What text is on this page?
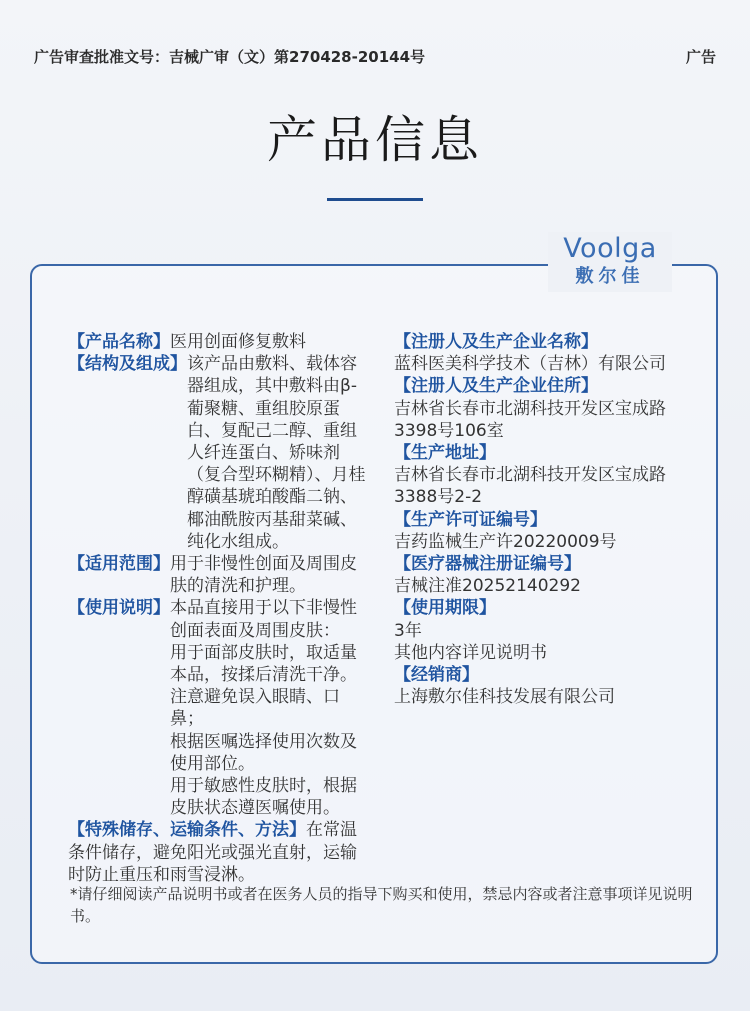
广告审查批准文号：吉械广审（文）第270428-20144号	广告
产品信息
Voolga
敷尔佳
【产品名称】 医用创面修复敷料
【结构及组成】 该产品由敷料、载体容器组成，其中敷料由β-葡聚糖、重组胶原蛋白、复配己二醇、重组人纤连蛋白、矫味剂（复合型环糊精）、月桂醇磺基琥珀酸酯二钠、椰油酰胺丙基甜菜碱、纯化水组成。
【适用范围】 用于非慢性创面及周围皮肤的清洗和护理。
【使用说明】 本品直接用于以下非慢性创面表面及周围皮肤：
用于面部皮肤时，取适量本品，按揉后清洗干净。注意避免误入眼睛、口鼻；
根据医嘱选择使用次数及使用部位。
用于敏感性皮肤时，根据皮肤状态遵医嘱使用。
【特殊储存、运输条件、方法】在常温条件储存，避免阳光或强光直射，运输时防止重压和雨雪浸淋。
【注册人及生产企业名称】
蓝科医美科学技术（吉林）有限公司
【注册人及生产企业住所】
吉林省长春市北湖科技开发区宝成路3398号106室
【生产地址】
吉林省长春市北湖科技开发区宝成路3388号2-2
【生产许可证编号】
吉药监械生产许20220009号
【医疗器械注册证编号】
吉械注准20252140292
【使用期限】
3年
其他内容详见说明书
【经销商】
上海敷尔佳科技发展有限公司
*请仔细阅读产品说明书或者在医务人员的指导下购买和使用，禁忌内容或者注意事项详见说明书。
